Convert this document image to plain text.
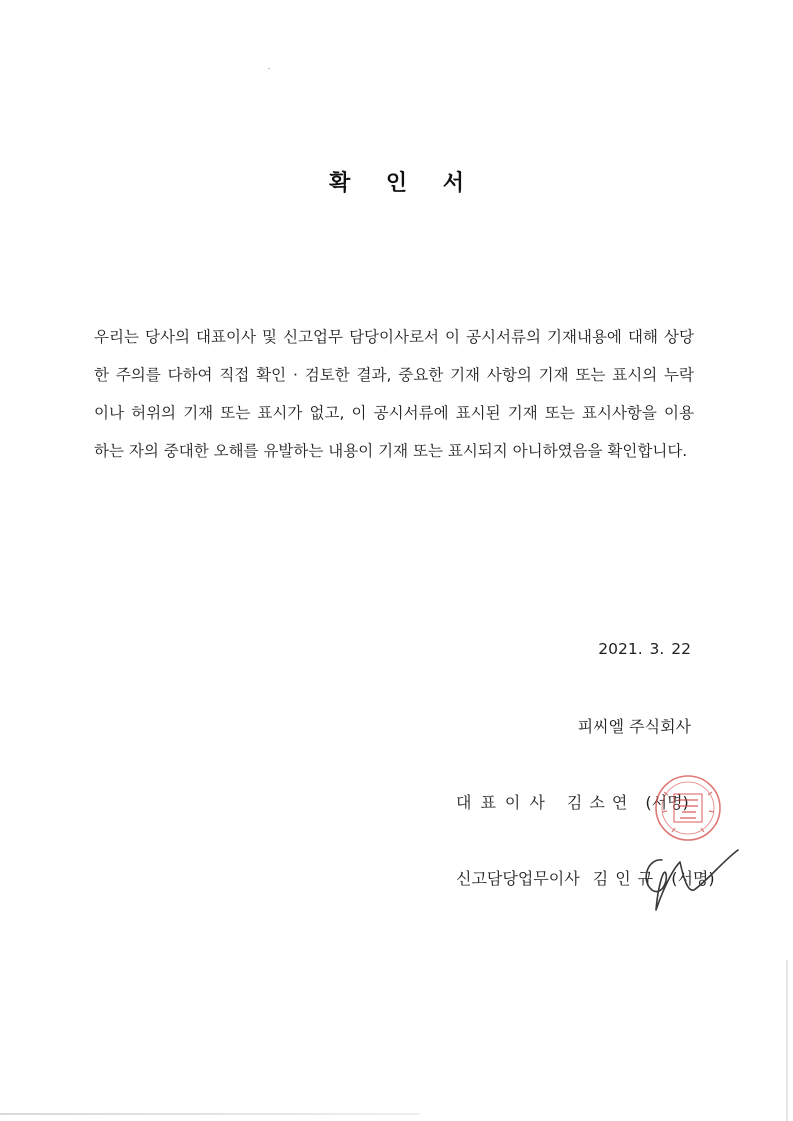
확 인 서
우리는 당사의 대표이사 및 신고업무 담당이사로서 이 공시서류의 기재내용에 대해 상당
한 주의를 다하여 직접 확인 · 검토한 결과, 중요한 기재 사항의 기재 또는 표시의 누락
이나 허위의 기재 또는 표시가 없고, 이 공시서류에 표시된 기재 또는 표시사항을 이용
하는 자의 중대한 오해를 유발하는 내용이 기재 또는 표시되지 아니하였음을 확인합니다.
2021. 3. 22
피씨엘 주식회사
대표이사 김소연 (서명)
신고담당업무이사 김인규 (서명)
